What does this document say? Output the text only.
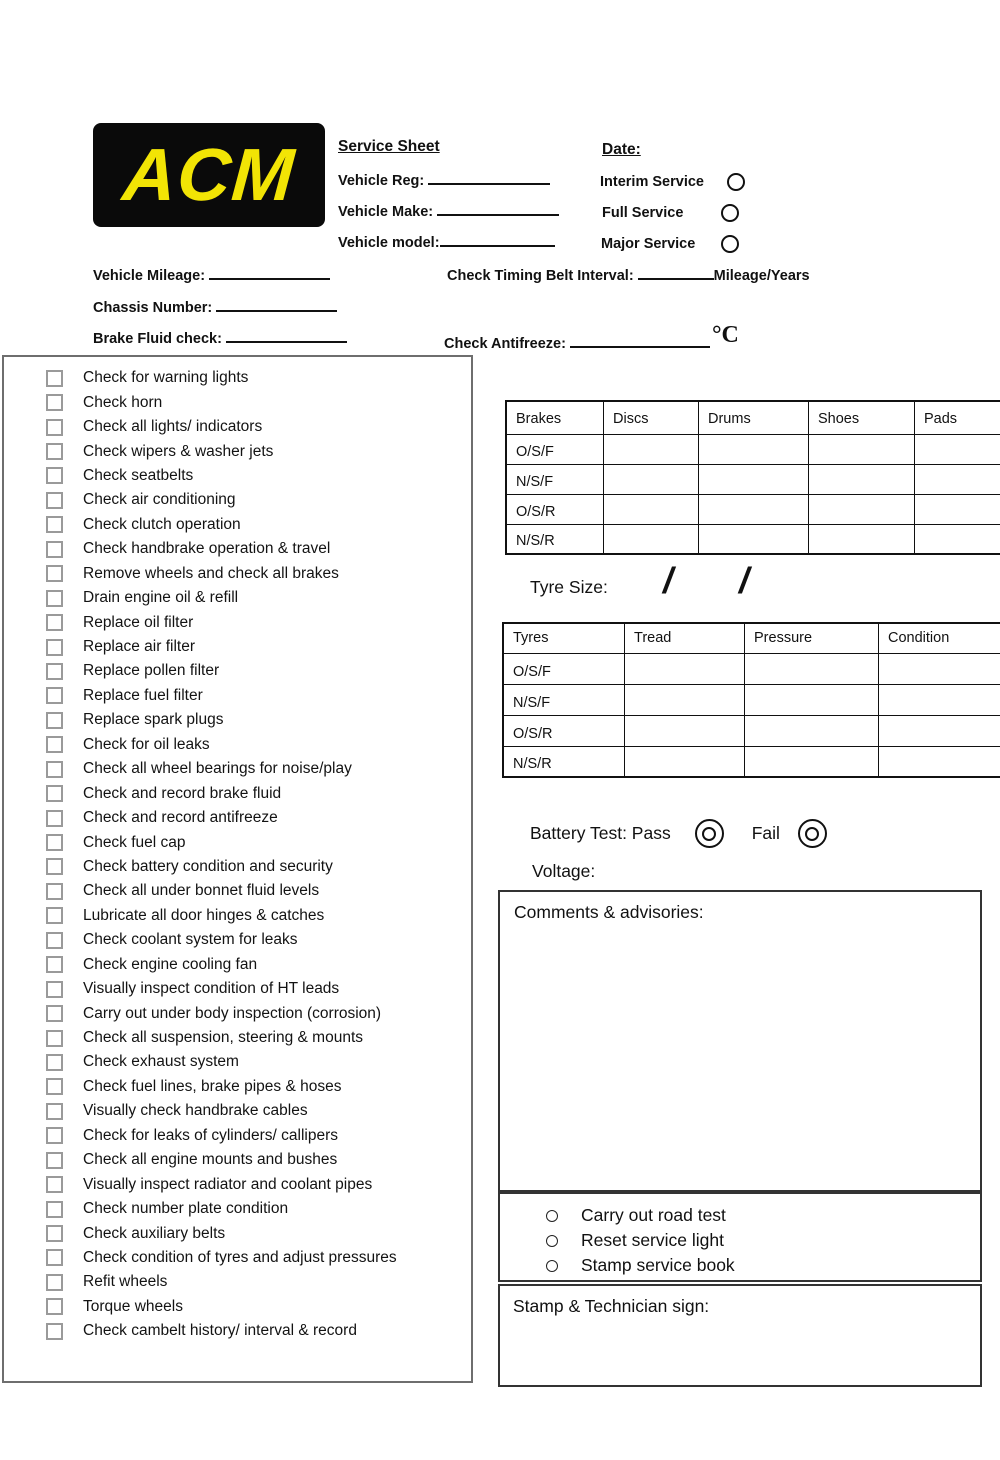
ACM	Service Sheet
Vehicle Reg:
Vehicle Make:
Vehicle model:
Date:
Interim Service
Full Service
Major Service
Vehicle Mileage:	Check Timing Belt Interval:	Mileage/Years
Chassis Number:
Brake Fluid check:	Check Antifreeze:	°C
Check for warning lights
Check horn
Check all lights/ indicators
Check wipers & washer jets
Check seatbelts
Check air conditioning
Check clutch operation
Check handbrake operation & travel
Remove wheels and check all brakes
Drain engine oil & refill
Replace oil filter
Replace air filter
Replace pollen filter
Replace fuel filter
Replace spark plugs
Check for oil leaks
Check all wheel bearings for noise/play
Check and record brake fluid
Check and record antifreeze
Check fuel cap
Check battery condition and security
Check all under bonnet fluid levels
Lubricate all door hinges & catches
Check coolant system for leaks
Check engine cooling fan
Visually inspect condition of HT leads
Carry out under body inspection (corrosion)
Check all suspension, steering & mounts
Check exhaust system
Check fuel lines, brake pipes & hoses
Visually check handbrake cables
Check for leaks of cylinders/ callipers
Check all engine mounts and bushes
Visually inspect radiator and coolant pipes
Check number plate condition
Check auxiliary belts
Check condition of tyres and adjust pressures
Refit wheels
Torque wheels
Check cambelt history/ interval & record
Brakes	Discs	Drums	Shoes	Pads
O/S/F				
N/S/F				
O/S/R				
N/S/R				
Tyre Size: / /
Tyres	Tread	Pressure	Condition
O/S/F			
N/S/F			
O/S/R			
N/S/R			
Battery Test: Pass	Fail
Voltage:
Comments & advisories:
Carry out road test
Reset service light
Stamp service book
Stamp & Technician sign:
